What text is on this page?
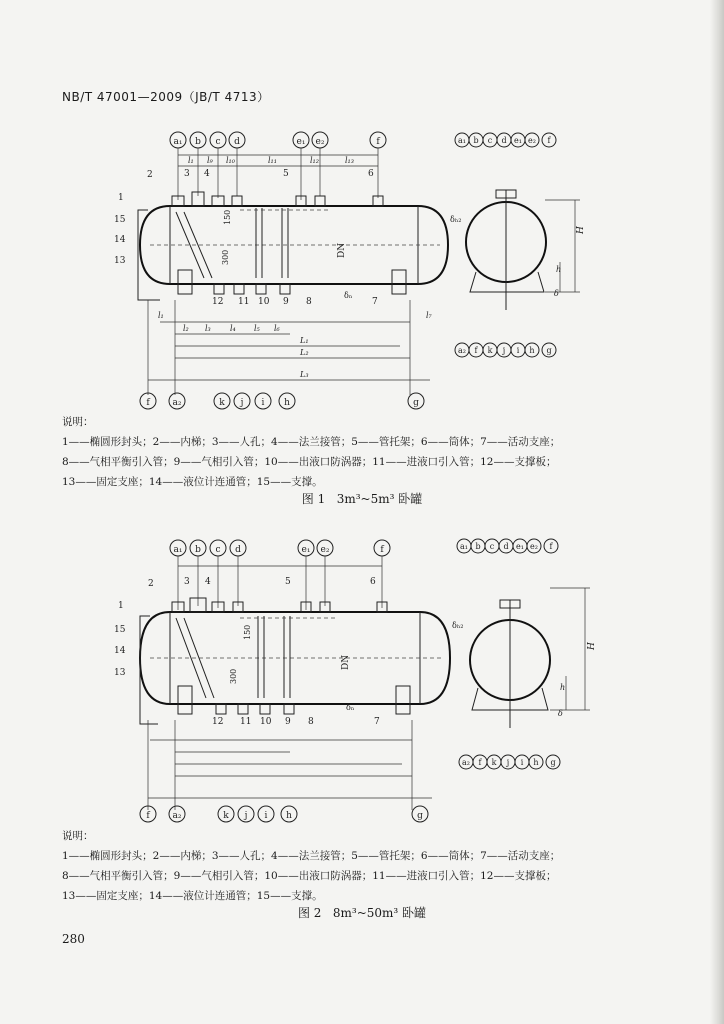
NB/T 47001—2009（JB/T 4713）
a₁ b c d	e₁ e₂	f
l₁ l₉ l₁₀	l₁₁	l₁₂	l₁₃
150
300	DN
δₙ
δₕ₂
1
2	3 4	5	6
7
8
9
10
11
12
13
14
15
l₁
l₂ l₃ l₄ l₅ l₆
l₇
L₁
L₂
L₃
f	a₂	k j i h	g
a₁ b c d e₁ e₂ f
H
h
δ
a₂ f k j i h g
说明：
1——椭圆形封头；2——内梯；3——人孔；4——法兰接管；5——管托架；6——筒体；7——活动支座；
8——气相平衡引入管；9——气相引入管；10——出液口防涡器；11——进液口引入管；12——支撑板；
13——固定支座；14——液位计连通管；15——支撑。
图 1 3m³~5m³ 卧罐
a₁ b c d	e₁ e₂	f
150
300
DN
δₙ
δₕ₂
1
2	3 4	5	6
7
8
9
10
11
12
13
14
15
f	a₂	k j i h	g
a₁ b c d e₁ e₂ f
H
h
δ
a₂ f k j i h g
说明：
1——椭圆形封头；2——内梯；3——人孔；4——法兰接管；5——管托架；6——筒体；7——活动支座；
8——气相平衡引入管；9——气相引入管；10——出液口防涡器；11——进液口引入管；12——支撑板；
13——固定支座；14——液位计连通管；15——支撑。
图 2 8m³~50m³ 卧罐
280
